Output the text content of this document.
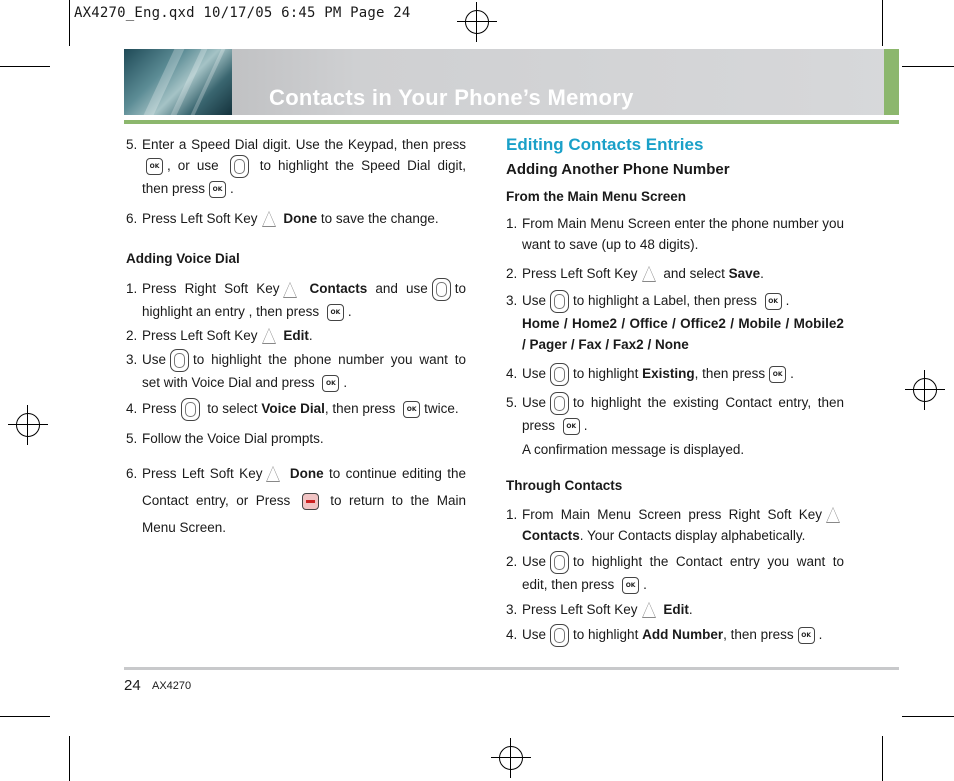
AX4270_Eng.qxd 10/17/05 6:45 PM Page 24
Contacts in Your Phone’s Memory
5. Enter a Speed Dial digit. Use the Keypad, then pressOK , or use	to highlight the Speed Dial digit, then press OK .
6. Press Left Soft Key Done to save the change.
Adding Voice Dial
1. Press Right Soft Key Contacts and use to highlight an entry , then press OK .
2. Press Left Soft Key Edit.
3. Use to highlight the phone number you want to set with Voice Dial and press OK .
4. Press to select Voice Dial, then press OK twice.
5. Follow the Voice Dial prompts.
6. Press Left Soft Key Done to continue editing the Contact entry, or Press	to return to the Main Menu Screen.
Editing Contacts Entries
Adding Another Phone Number
From the Main Menu Screen
1. From Main Menu Screen enter the phone number you want to save (up to 48 digits).
2. Press Left Soft Key and select Save.
3. Use to highlight a Label, then press OK .
Home / Home2 / Office / Office2 / Mobile / Mobile2 / Pager / Fax / Fax2 / None
4. Use to highlight Existing, then press OK .
5. Use to highlight the existing Contact entry, then press OK .
A confirmation message is displayed.
Through Contacts
1. From Main Menu Screen press Right Soft Key Contacts. Your Contacts display alphabetically.
2. Use to highlight the Contact entry you want to edit, then press OK .
3. Press Left Soft Key Edit.
4. Use to highlight Add Number, then press OK .
24 AX4270
